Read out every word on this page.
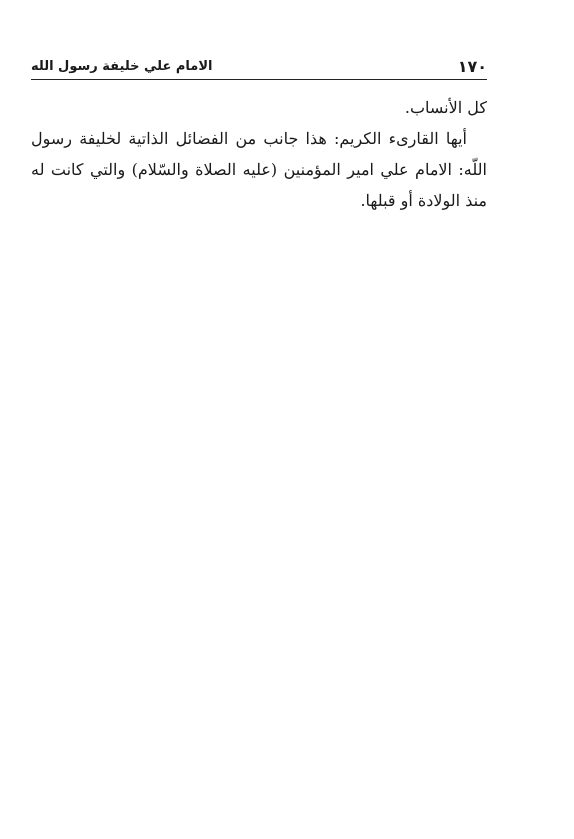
١٧٠
الامام علي خليفة رسول الله

كل الأنساب.

أيها القارىء الكريم: هذا جانب من الفضائل الذاتية لخليفة رسول اللّه: الامام علي امير المؤمنين (عليه الصلاة والسّلام) والتي كانت له منذ الولادة أو قبلها.
